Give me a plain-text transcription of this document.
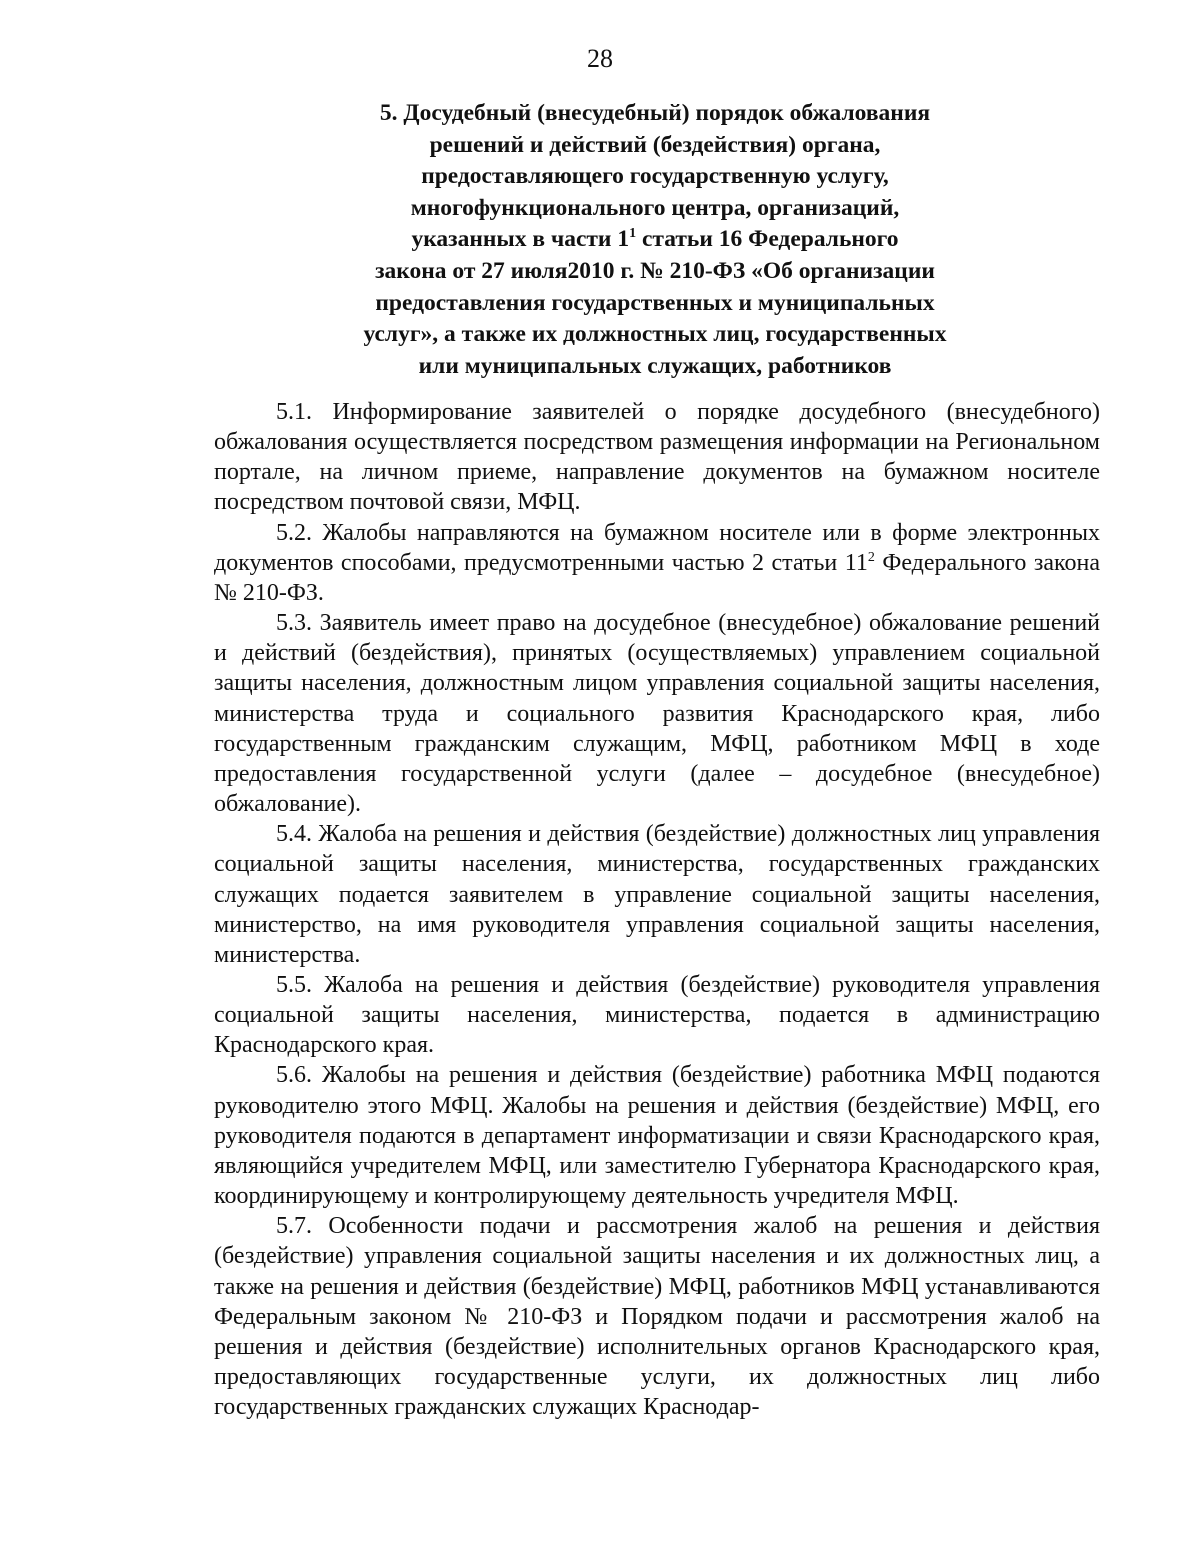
28
5. Досудебный (внесудебный) порядок обжалования
решений и действий (бездействия) органа,
предоставляющего государственную услугу,
многофункционального центра, организаций,
указанных в части $1^1$ статьи 16 Федерального
закона от 27 июля2010 г. № 210-ФЗ «Об организации
предоставления государственных и муниципальных
услуг», а также их должностных лиц, государственных
или муниципальных служащих, работников

5.1. Информирование заявителей о порядке досудебного (внесудебного) обжалования осуществляется посредством размещения информации на Региональном портале, на личном приеме, направление документов на бумажном носителе посредством почтовой связи, МФЦ.

5.2. Жалобы направляются на бумажном носителе или в форме электронных документов способами, предусмотренными частью 2 статьи $11^2$ Федерального закона № 210-ФЗ.

5.3. Заявитель имеет право на досудебное (внесудебное) обжалование решений и действий (бездействия), принятых (осуществляемых) управлением социальной защиты населения, должностным лицом управления социальной защиты населения, министерства труда и социального развития Краснодарского края, либо государственным гражданским служащим, МФЦ, работником МФЦ в ходе предоставления государственной услуги (далее – досудебное (внесудебное) обжалование).

5.4. Жалоба на решения и действия (бездействие) должностных лиц управления социальной защиты населения, министерства, государственных гражданских служащих подается заявителем в управление социальной защиты населения, министерство, на имя руководителя управления социальной защиты населения, министерства.

5.5. Жалоба на решения и действия (бездействие) руководителя управления социальной защиты населения, министерства, подается в администрацию Краснодарского края.

5.6. Жалобы на решения и действия (бездействие) работника МФЦ подаются руководителю этого МФЦ. Жалобы на решения и действия (бездействие) МФЦ, его руководителя подаются в департамент информатизации и связи Краснодарского края, являющийся учредителем МФЦ, или заместителю Губернатора Краснодарского края, координирующему и контролирующему деятельность учредителя МФЦ.

5.7. Особенности подачи и рассмотрения жалоб на решения и действия (бездействие) управления социальной защиты населения и их должностных лиц, а также на решения и действия (бездействие) МФЦ, работников МФЦ устанавливаются Федеральным законом № 210-ФЗ и Порядком подачи и рассмотрения жалоб на решения и действия (бездействие) исполнительных органов Краснодарского края, предоставляющих государственные услуги, их должностных лиц либо государственных гражданских служащих Краснодар-
